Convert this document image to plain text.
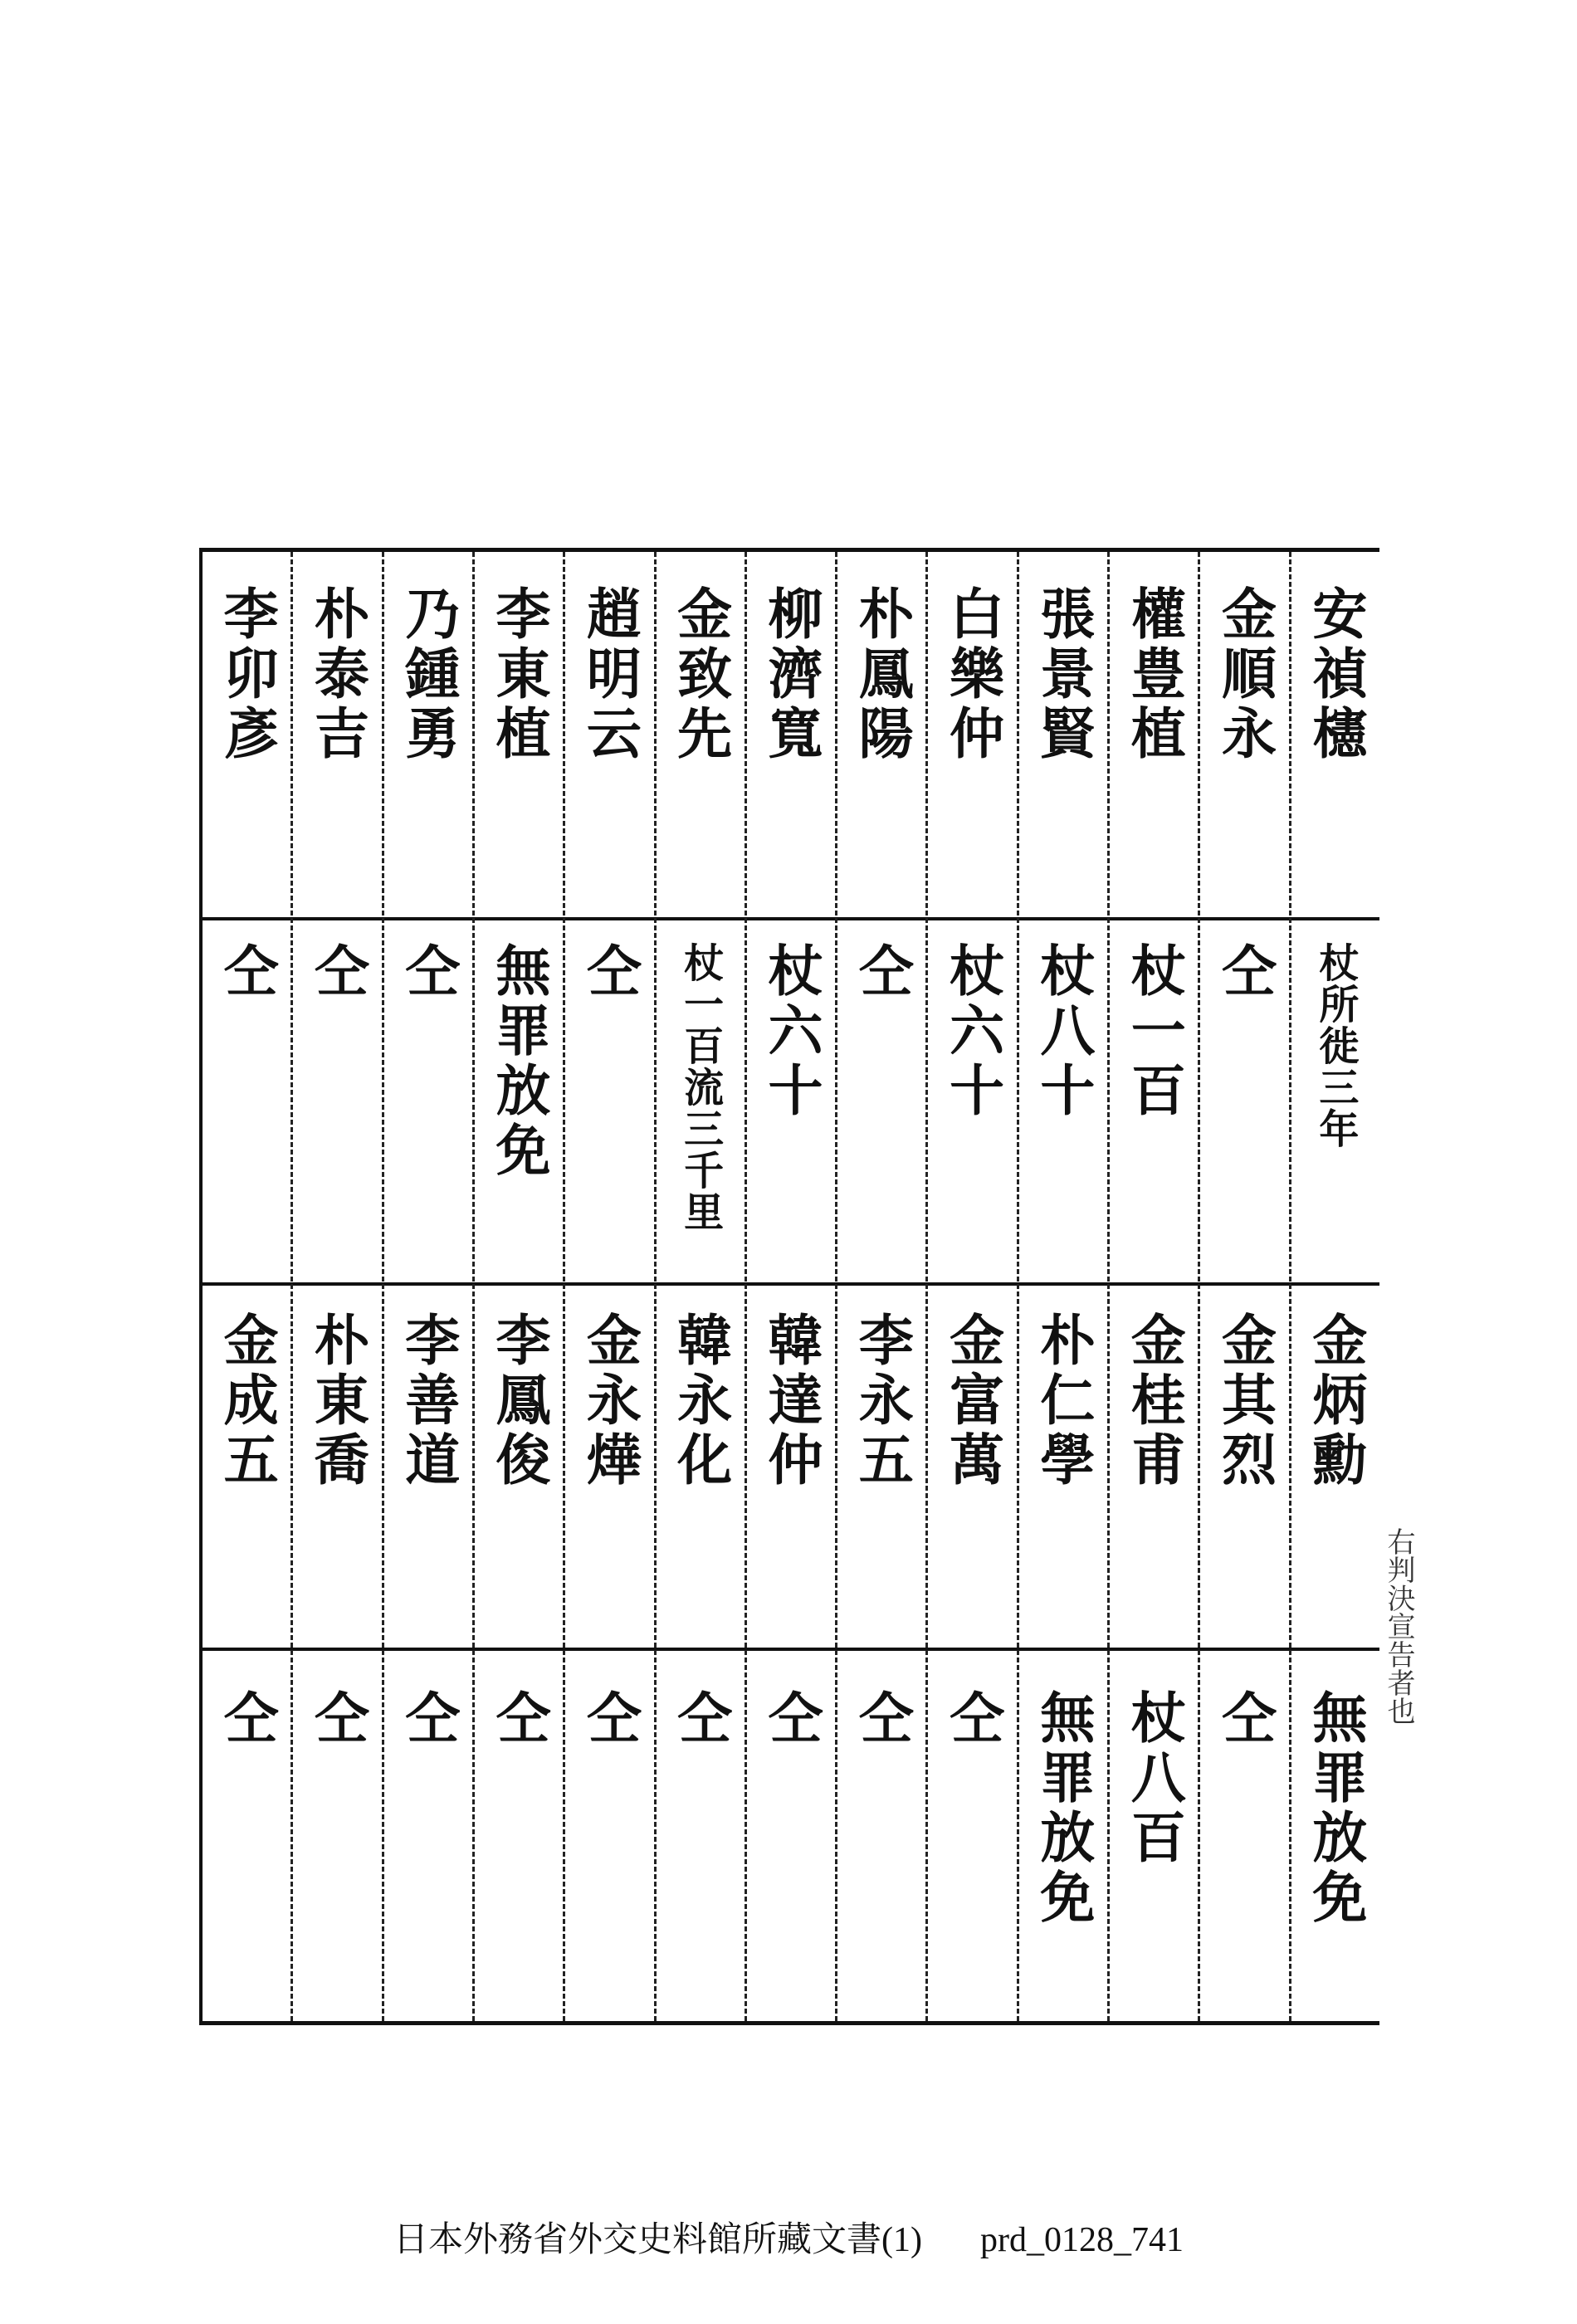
安禎櫶
杖所徙三年
金炳勳
無罪放免
金順永
仝
金其烈
仝
權豊植
杖一百
金桂甫
杖八百
張景賢
杖八十
朴仁學
無罪放免
白樂仲
杖六十
金富萬
仝
朴鳳陽
仝
李永五
仝
柳濟寬
杖六十
韓達仲
仝
金致先
杖一百流三千里
韓永化
仝
趙明云
仝
金永燁
仝
李東植
無罪放免
李鳳俊
仝
乃鍾勇
仝
李善道
仝
朴泰吉
仝
朴東喬
仝
李卯彥
仝
金成五
仝	右判決宣告者也
日本外務省外交史料館所藏文書(1) prd_0128_741
